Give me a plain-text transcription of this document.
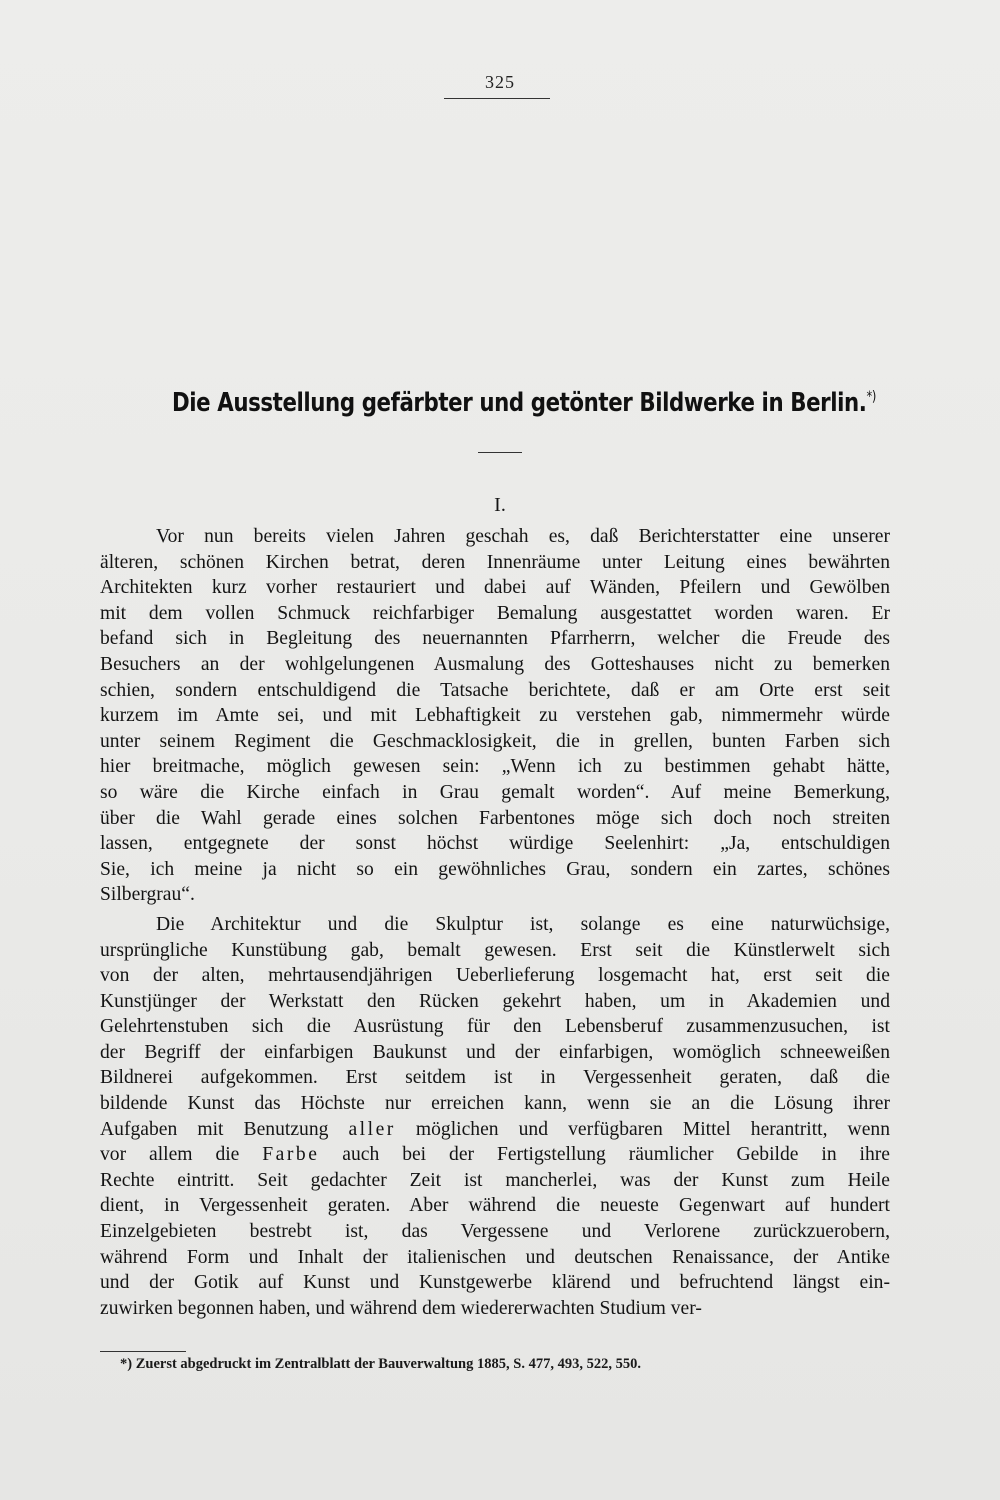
325
Die Ausstellung gefärbter und getönter Bildwerke in Berlin.*)
I.
Vor nun bereits vielen Jahren geschah es, daß Berichterstatter eine unserer
älteren, schönen Kirchen betrat, deren Innenräume unter Leitung eines bewährten
Architekten kurz vorher restauriert und dabei auf Wänden, Pfeilern und Gewölben
mit dem vollen Schmuck reichfarbiger Bemalung ausgestattet worden waren. Er
befand sich in Begleitung des neuernannten Pfarrherrn, welcher die Freude des
Besuchers an der wohlgelungenen Ausmalung des Gotteshauses nicht zu bemerken
schien, sondern entschuldigend die Tatsache berichtete, daß er am Orte erst seit
kurzem im Amte sei, und mit Lebhaftigkeit zu verstehen gab, nimmermehr würde
unter seinem Regiment die Geschmacklosigkeit, die in grellen, bunten Farben sich
hier breitmache, möglich gewesen sein: „Wenn ich zu bestimmen gehabt hätte,
so wäre die Kirche einfach in Grau gemalt worden“. Auf meine Bemerkung,
über die Wahl gerade eines solchen Farbentones möge sich doch noch streiten
lassen, entgegnete der sonst höchst würdige Seelenhirt: „Ja, entschuldigen
Sie, ich meine ja nicht so ein gewöhnliches Grau, sondern ein zartes, schönes
Silbergrau“.
Die Architektur und die Skulptur ist, solange es eine naturwüchsige,
ursprüngliche Kunstübung gab, bemalt gewesen. Erst seit die Künstlerwelt sich
von der alten, mehrtausendjährigen Ueberlieferung losgemacht hat, erst seit die
Kunstjünger der Werkstatt den Rücken gekehrt haben, um in Akademien und
Gelehrtenstuben sich die Ausrüstung für den Lebensberuf zusammenzusuchen, ist
der Begriff der einfarbigen Baukunst und der einfarbigen, womöglich schneeweißen
Bildnerei aufgekommen. Erst seitdem ist in Vergessenheit geraten, daß die
bildende Kunst das Höchste nur erreichen kann, wenn sie an die Lösung ihrer
Aufgaben mit Benutzung aller möglichen und verfügbaren Mittel herantritt, wenn
vor allem die Farbe auch bei der Fertigstellung räumlicher Gebilde in ihre
Rechte eintritt. Seit gedachter Zeit ist mancherlei, was der Kunst zum Heile
dient, in Vergessenheit geraten. Aber während die neueste Gegenwart auf hundert
Einzelgebieten bestrebt ist, das Vergessene und Verlorene zurückzuerobern,
während Form und Inhalt der italienischen und deutschen Renaissance, der Antike
und der Gotik auf Kunst und Kunstgewerbe klärend und befruchtend längst ein-
zuwirken begonnen haben, und während dem wiedererwachten Studium ver-
*) Zuerst abgedruckt im Zentralblatt der Bauverwaltung 1885, S. 477, 493, 522, 550.
